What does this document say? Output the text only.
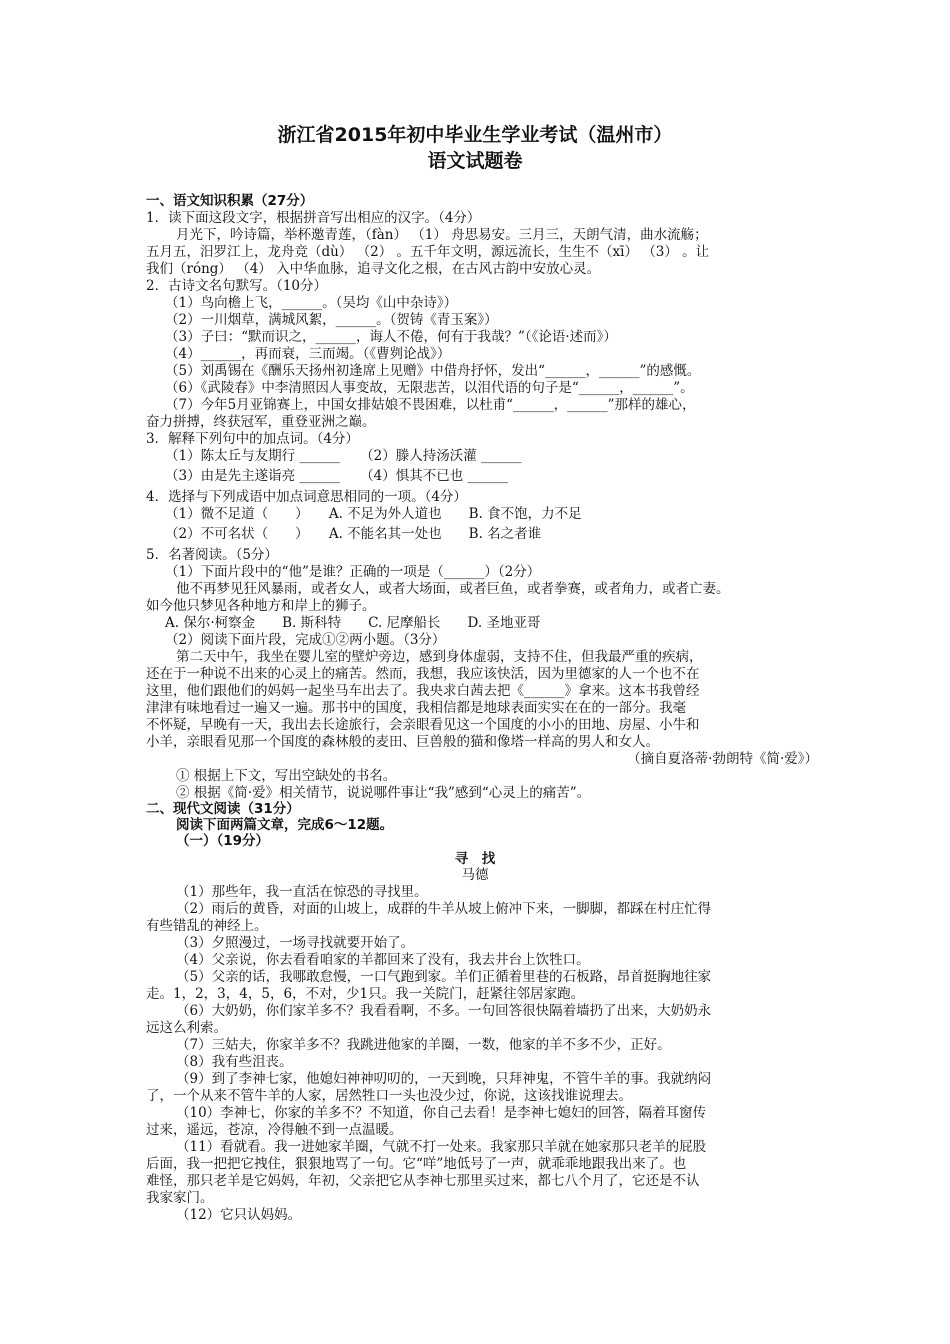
浙江省2015年初中毕业生学业考试（温州市）
语文试题卷
一、语文知识积累（27分）
1．读下面这段文字，根据拼音写出相应的汉字。（4分）
月光下，吟诗篇，举杯邀青莲，（fàn） （1） 舟思易安。三月三，天朗气清，曲水流觞；
五月五，汨罗江上，龙舟竞（dù） （2） 。五千年文明，源远流长，生生不（xī） （3） 。让
我们（róng） （4） 入中华血脉，追寻文化之根，在古风古韵中安放心灵。
2．古诗文名句默写。（10分）
（1）鸟向檐上飞，______。（吴均《山中杂诗》）
（2）一川烟草，满城风絮，______。（贺铸《青玉案》）
（3）子曰：“默而识之，______，诲人不倦，何有于我哉？”（《论语·述而》）
（4）______，再而衰，三而竭。（《曹刿论战》）
（5）刘禹锡在《酬乐天扬州初逢席上见赠》中借舟抒怀，发出“______，______”的感慨。
（6）《武陵春》中李清照因人事变故，无限悲苦，以泪代语的句子是“______，______”。
（7）今年5月亚锦赛上，中国女排姑娘不畏困难，以杜甫“______，______”那样的雄心，
奋力拼搏，终获冠军，重登亚洲之巅。
3．解释下列句中的加点词。（4分）
（1）陈太丘与友期行 ______　　（2）滕人持汤沃灌 ______
（3）由是先主遂诣亮 ______　　（4）惧其不已也 ______
4．选择与下列成语中加点词意思相同的一项。（4分）
（1）微不足道（　　）　　A. 不足为外人道也　　B. 食不饱，力不足
（2）不可名状（　　）　　A. 不能名其一处也　　B. 名之者谁
5．名著阅读。（5分）
（1）下面片段中的“他”是谁？正确的一项是（______）（2分）
他不再梦见狂风暴雨，或者女人，或者大场面，或者巨鱼，或者拳赛，或者角力，或者亡妻。
如今他只梦见各种地方和岸上的狮子。
A. 保尔·柯察金　　B. 斯科特　　C. 尼摩船长　　D. 圣地亚哥
（2）阅读下面片段，完成①②两小题。（3分）
第二天中午，我坐在婴儿室的壁炉旁边，感到身体虚弱，支持不住，但我最严重的疾病，
还在于一种说不出来的心灵上的痛苦。然而，我想，我应该快活，因为里德家的人一个也不在
这里，他们跟他们的妈妈一起坐马车出去了。我央求白茜去把《______》拿来。这本书我曾经
津津有味地看过一遍又一遍。那书中的国度，我相信都是地球表面实实在在的一部分。我毫
不怀疑，早晚有一天，我出去长途旅行，会亲眼看见这一个国度的小小的田地、房屋、小牛和
小羊，亲眼看见那一个国度的森林般的麦田、巨兽般的猫和像塔一样高的男人和女人。
（摘自夏洛蒂·勃朗特《简·爱》）
① 根据上下文，写出空缺处的书名。
② 根据《简·爱》相关情节，说说哪件事让“我”感到“心灵上的痛苦”。
二、现代文阅读（31分）
阅读下面两篇文章，完成6～12题。
（一）（19分）
寻　找
马德
（1）那些年，我一直活在惊恐的寻找里。
（2）雨后的黄昏，对面的山坡上，成群的牛羊从坡上俯冲下来，一脚脚，都踩在村庄忙得
有些错乱的神经上。
（3）夕照漫过，一场寻找就要开始了。
（4）父亲说，你去看看咱家的羊都回来了没有，我去井台上饮牲口。
（5）父亲的话，我哪敢怠慢，一口气跑到家。羊们正循着里巷的石板路，昂首挺胸地往家
走。1，2，3，4，5，6，不对，少1只。我一关院门，赶紧往邻居家跑。
（6）大奶奶，你们家羊多不？我看看啊，不多。一句回答很快隔着墙扔了出来，大奶奶永
远这么利索。
（7）三姑夫，你家羊多不？我跳进他家的羊圈，一数，他家的羊不多不少，正好。
（8）我有些沮丧。
（9）到了李神七家，他媳妇神神叨叨的，一天到晚，只拜神鬼，不管牛羊的事。我就纳闷
了，一个从来不管牛羊的人家，居然牲口一头也没少过，你说，这该找谁说理去。
（10）李神七，你家的羊多不？不知道，你自己去看！是李神七媳妇的回答，隔着耳窗传
过来，遥远，苍凉，冷得触不到一点温暖。
（11）看就看。我一进她家羊圈，气就不打一处来。我家那只羊就在她家那只老羊的屁股
后面，我一把把它拽住，狠狠地骂了一句。它“咩”地低号了一声，就乖乖地跟我出来了。也
难怪，那只老羊是它妈妈，年初，父亲把它从李神七那里买过来，都七八个月了，它还是不认
我家家门。
（12）它只认妈妈。
